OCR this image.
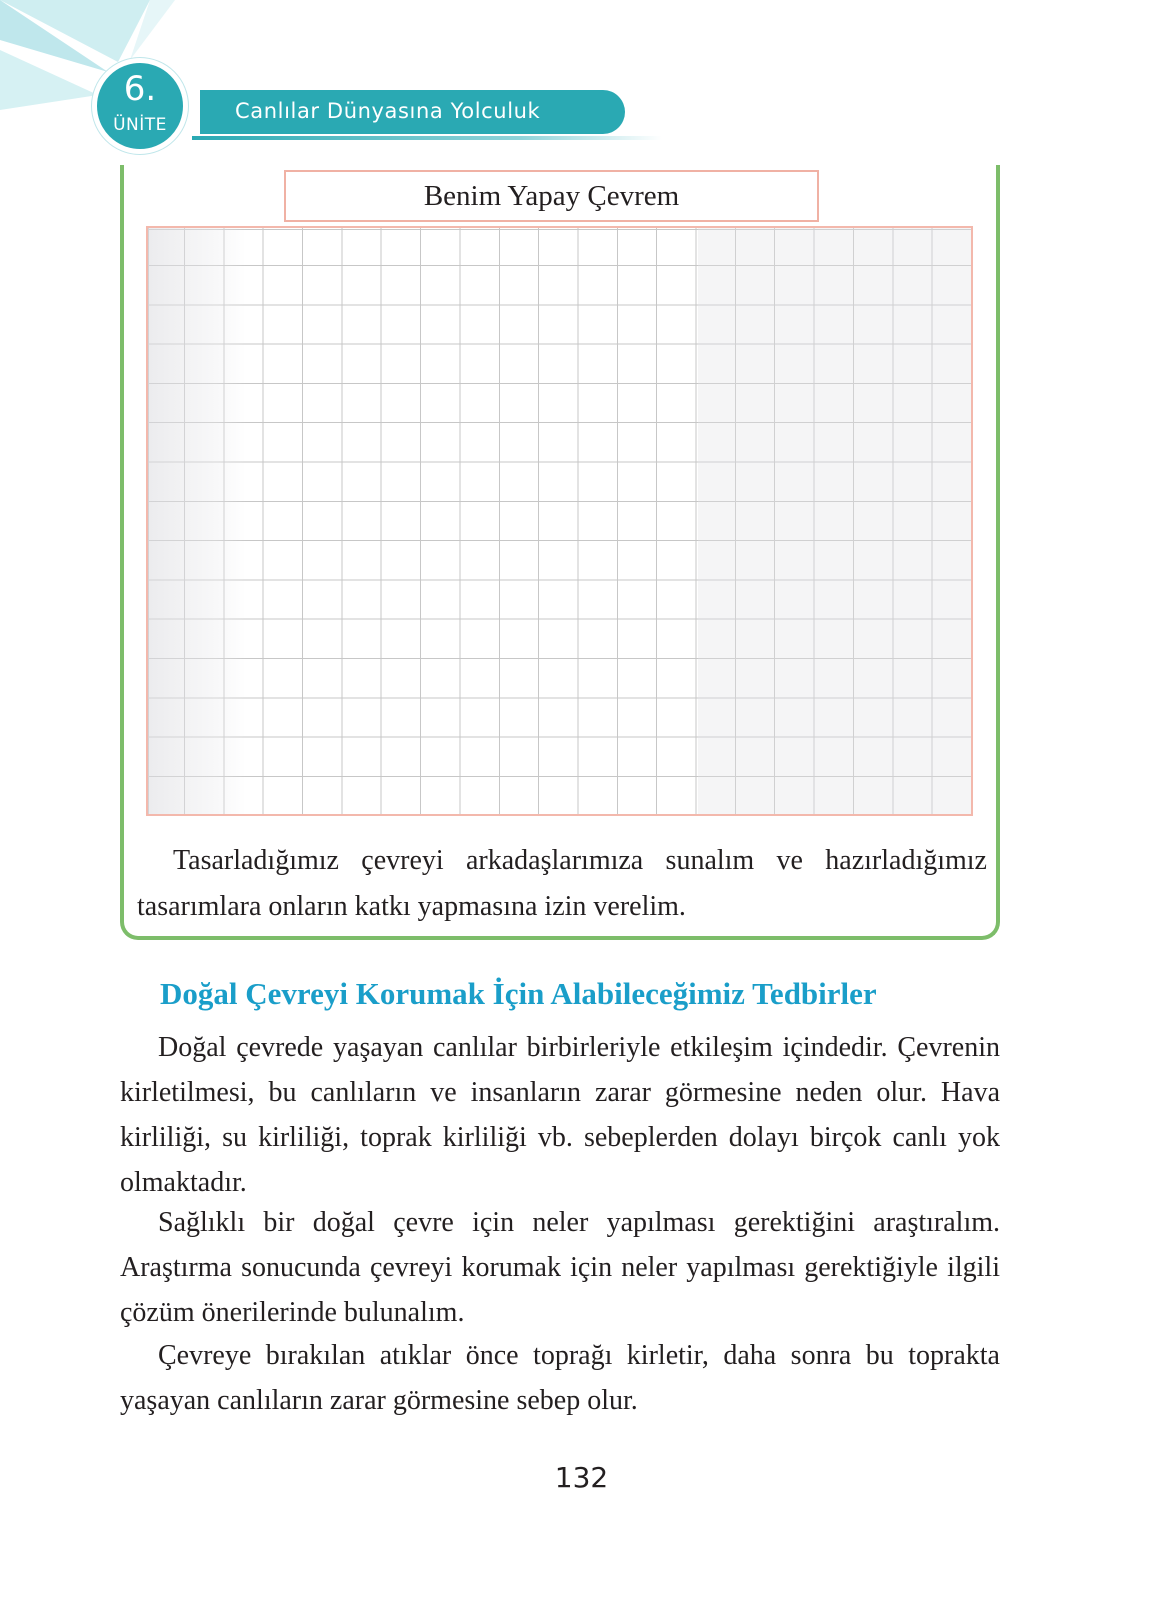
Canlılar Dünyasına Yolculuk
6.
ÜNİTE
Benim Yapay Çevrem
Tasarladığımız çevreyi arkadaşlarımıza sunalım ve hazırladığımız tasarımlara onların katkı yapmasına izin verelim.
Doğal Çevreyi Korumak İçin Alabileceğimiz Tedbirler
Doğal çevrede yaşayan canlılar birbirleriyle etkileşim içindedir. Çevrenin kirletilmesi, bu canlıların ve insanların zarar görmesine neden olur. Hava kirliliği, su kirliliği, toprak kirliliği vb. sebeplerden dolayı birçok canlı yok olmaktadır.
Sağlıklı bir doğal çevre için neler yapılması gerektiğini araştıralım. Araştırma sonucunda çevreyi korumak için neler yapılması gerektiğiyle ilgili çözüm önerilerinde bulunalım.
Çevreye bırakılan atıklar önce toprağı kirletir, daha sonra bu toprakta yaşayan canlıların zarar görmesine sebep olur.
132
